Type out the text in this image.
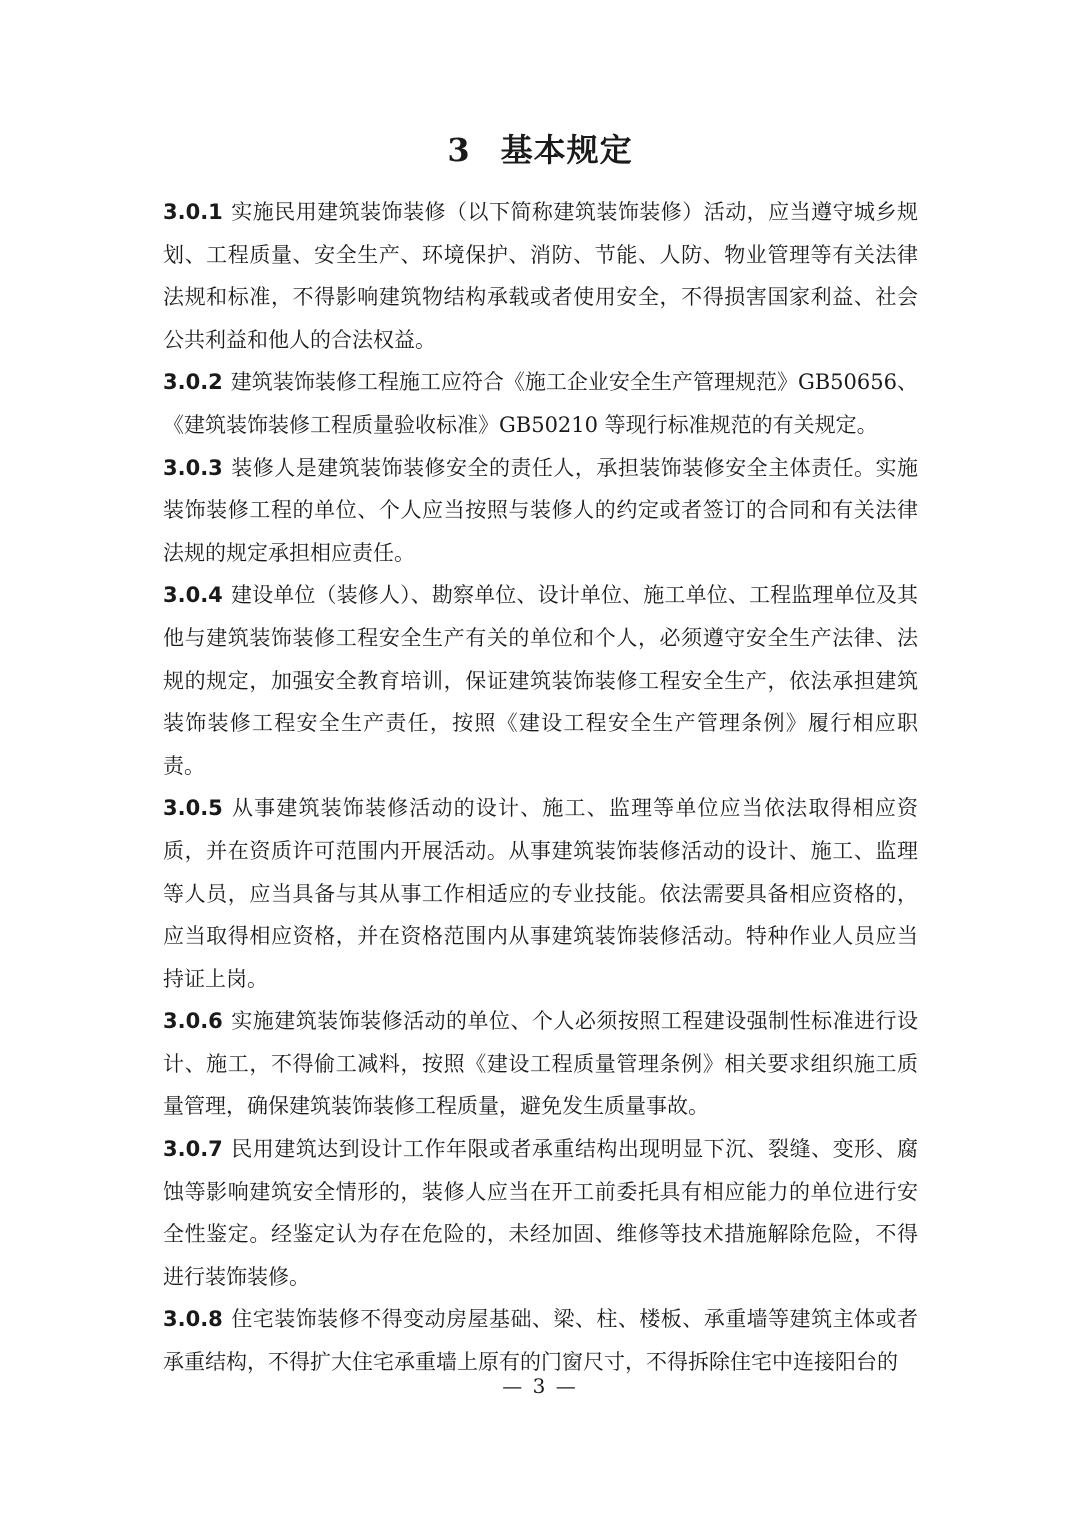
3 基本规定

3.0.1 实施民用建筑装饰装修（以下简称建筑装饰装修）活动，应当遵守城乡规划、工程质量、安全生产、环境保护、消防、节能、人防、物业管理等有关法律法规和标准，不得影响建筑物结构承载或者使用安全，不得损害国家利益、社会公共利益和他人的合法权益。

3.0.2 建筑装饰装修工程施工应符合《施工企业安全生产管理规范》GB50656、《建筑装饰装修工程质量验收标准》GB50210 等现行标准规范的有关规定。

3.0.3 装修人是建筑装饰装修安全的责任人，承担装饰装修安全主体责任。实施装饰装修工程的单位、个人应当按照与装修人的约定或者签订的合同和有关法律法规的规定承担相应责任。

3.0.4 建设单位（装修人）、勘察单位、设计单位、施工单位、工程监理单位及其他与建筑装饰装修工程安全生产有关的单位和个人，必须遵守安全生产法律、法规的规定，加强安全教育培训，保证建筑装饰装修工程安全生产，依法承担建筑装饰装修工程安全生产责任，按照《建设工程安全生产管理条例》履行相应职责。

3.0.5 从事建筑装饰装修活动的设计、施工、监理等单位应当依法取得相应资质，并在资质许可范围内开展活动。从事建筑装饰装修活动的设计、施工、监理等人员，应当具备与其从事工作相适应的专业技能。依法需要具备相应资格的，应当取得相应资格，并在资格范围内从事建筑装饰装修活动。特种作业人员应当持证上岗。

3.0.6 实施建筑装饰装修活动的单位、个人必须按照工程建设强制性标准进行设计、施工，不得偷工减料，按照《建设工程质量管理条例》相关要求组织施工质量管理，确保建筑装饰装修工程质量，避免发生质量事故。

3.0.7 民用建筑达到设计工作年限或者承重结构出现明显下沉、裂缝、变形、腐蚀等影响建筑安全情形的，装修人应当在开工前委托具有相应能力的单位进行安全性鉴定。经鉴定认为存在危险的，未经加固、维修等技术措施解除危险，不得进行装饰装修。

3.0.8 住宅装饰装修不得变动房屋基础、梁、柱、楼板、承重墙等建筑主体或者承重结构，不得扩大住宅承重墙上原有的门窗尺寸，不得拆除住宅中连接阳台的

— 3 —
